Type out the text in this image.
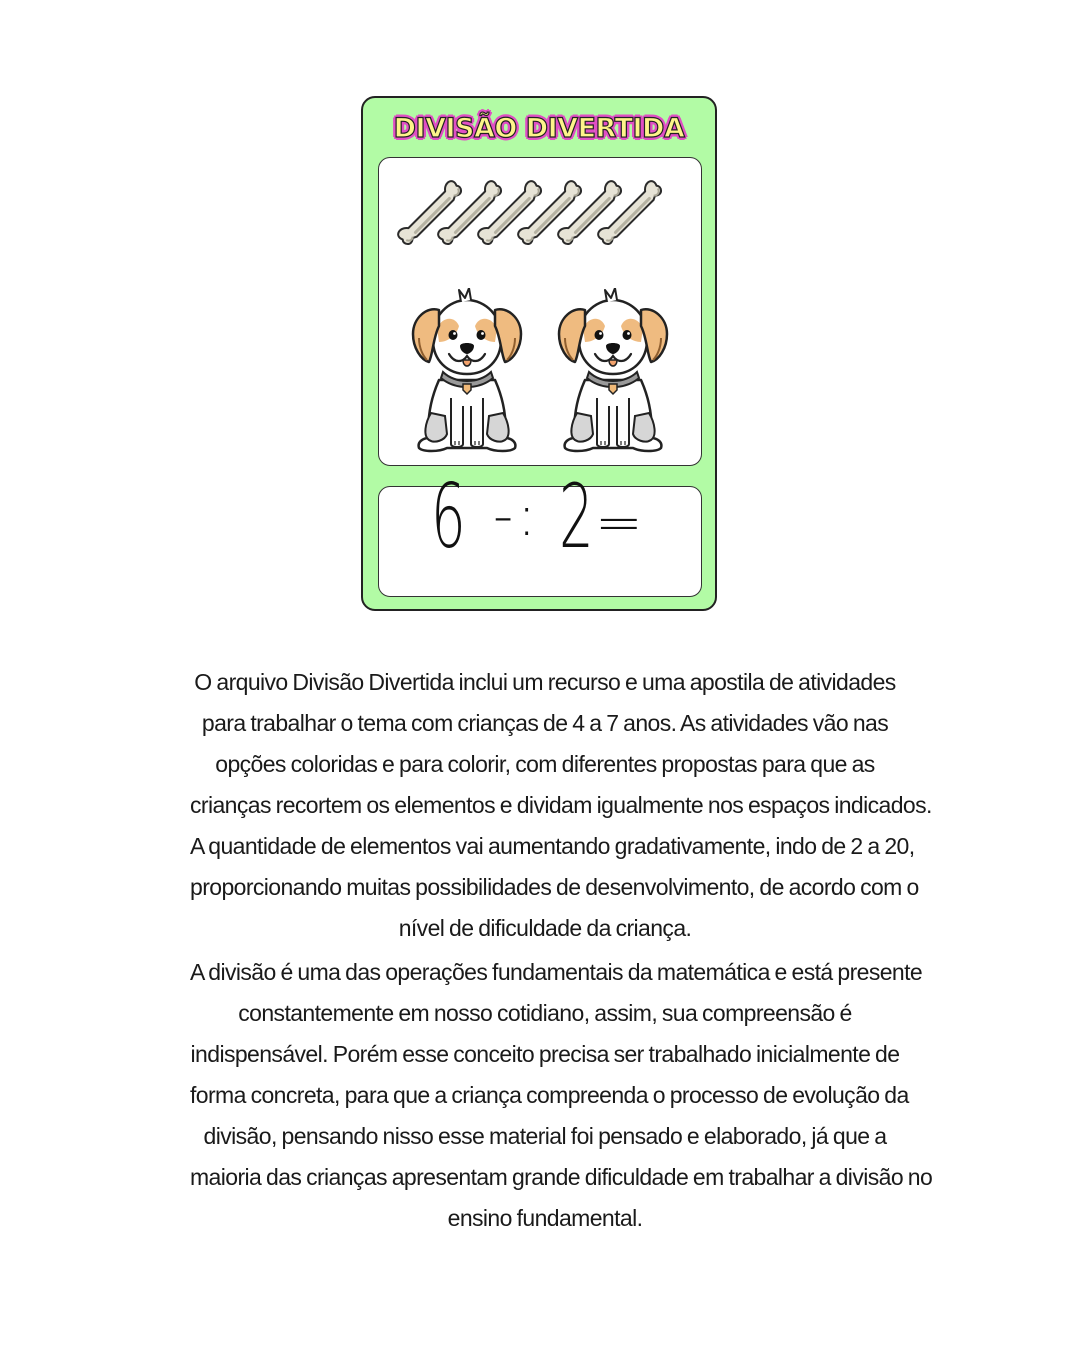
DIVISÃO DIVERTIDA
6 -: 2 =

O arquivo Divisão Divertida inclui um recurso e uma apostila de atividades
para trabalhar o tema com crianças de 4 a 7 anos. As atividades vão nas
opções coloridas e para colorir, com diferentes propostas para que as
crianças recortem os elementos e dividam igualmente nos espaços indicados.
A quantidade de elementos vai aumentando gradativamente, indo de 2 a 20,
proporcionando muitas possibilidades de desenvolvimento, de acordo com o
nível de dificuldade da criança.

A divisão é uma das operações fundamentais da matemática e está presente
constantemente em nosso cotidiano, assim, sua compreensão é
indispensável. Porém esse conceito precisa ser trabalhado inicialmente de
forma concreta, para que a criança compreenda o processo de evolução da
divisão, pensando nisso esse material foi pensado e elaborado, já que a
maioria das crianças apresentam grande dificuldade em trabalhar a divisão no
ensino fundamental.
